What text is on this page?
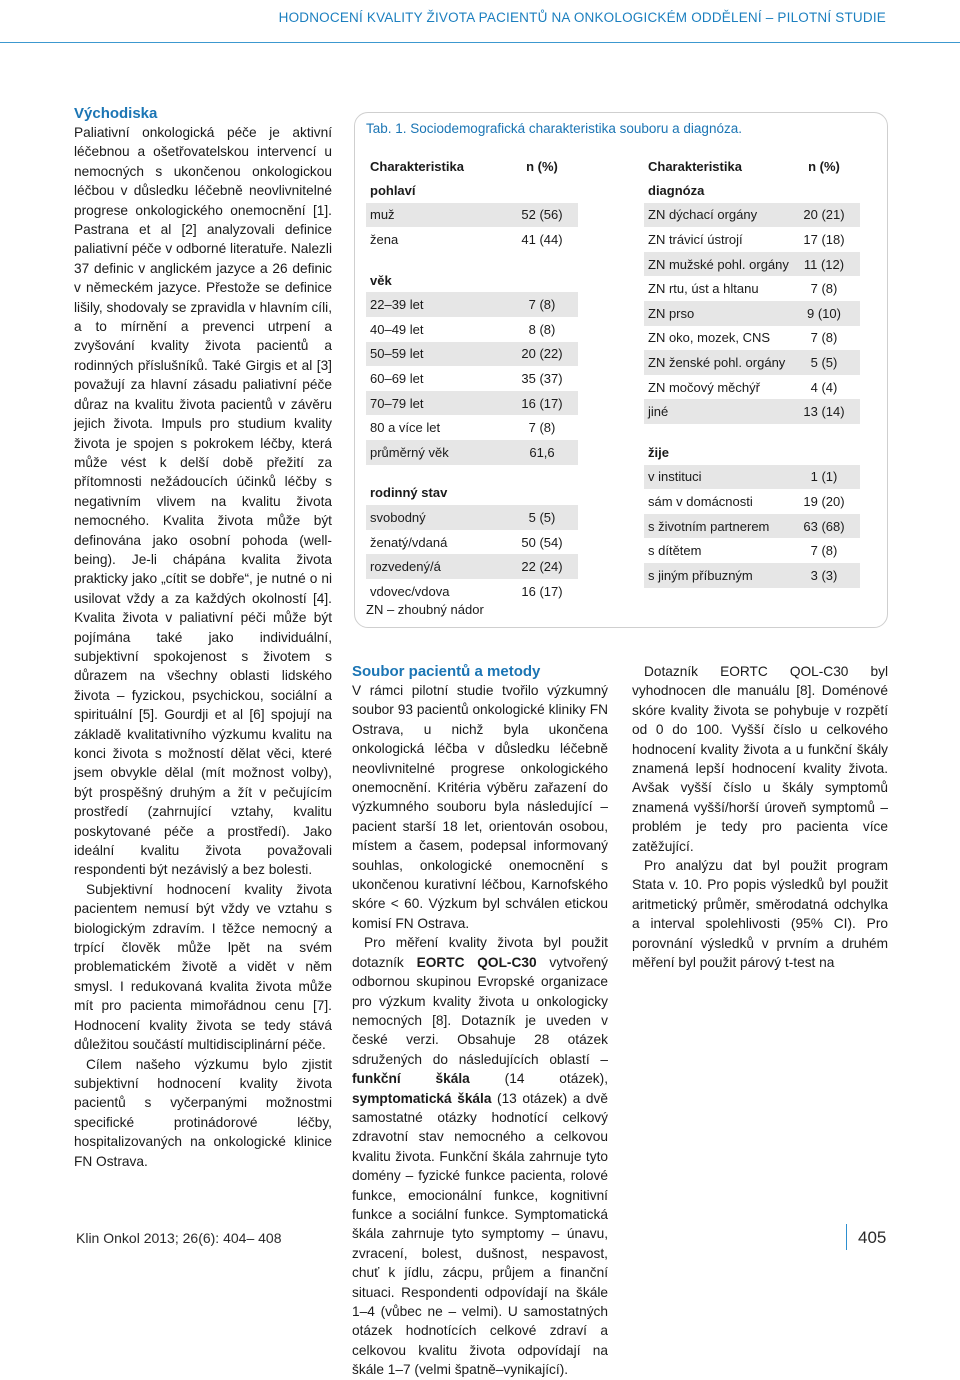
HODNOCENÍ KVALITY ŽIVOTA PACIENTŮ NA ONKOLOGICKÉM ODDĚLENÍ – PILOTNÍ STUDIE
Východiska

Paliativní onkologická péče je aktivní léčebnou a ošetřovatelskou intervencí u nemocných s ukončenou onkologickou léčbou v důsledku léčebně neovlivnitelné progrese onkologického onemocnění [1]. Pastrana et al [2] analyzovali definice paliativní péče v odborné literatuře. Nalezli 37 definic v anglickém jazyce a 26 definic v německém jazyce. Přestože se definice lišily, shodovaly se zpravidla v hlavním cíli, a to mírnění a prevenci utrpení a zvyšování kvality života pacientů a rodinných příslušníků. Také Girgis et al [3] považují za hlavní zásadu paliativní péče důraz na kvalitu života pacientů v závěru jejich života. Impuls pro studium kvality života je spojen s pokrokem léčby, která může vést k delší době přežití za přítomnosti nežádoucích účinků léčby s negativním vlivem na kvalitu života nemocného. Kvalita života může být definována jako osobní pohoda (well-being). Je-li chápána kvalita života prakticky jako „cítit se dobře“, je nutné o ni usilovat vždy a za každých okolností [4]. Kvalita života v paliativní péči může být pojímána také jako individuální, subjektivní spokojenost s životem s důrazem na všechny oblasti lidského života – fyzickou, psychickou, sociální a spirituální [5]. Gourdji et al [6] spojují na základě kvalitativního výzkumu kvalitu na konci života s možností dělat věci, které jsem obvykle dělal (mít možnost volby), být prospěšný druhým a žít v pečujícím prostředí (zahrnující vztahy, kvalitu poskytované péče a prostředí). Jako ideální kvalitu života považovali respondenti být nezávislý a bez bolesti.

Subjektivní hodnocení kvality života pacientem nemusí být vždy ve vztahu s biologickým zdravím. I těžce nemocný a trpící člověk může lpět na svém problematickém životě a vidět v něm smysl. I redukovaná kvalita života může mít pro pacienta mimořádnou cenu [7]. Hodnocení kvality života se tedy stává důležitou součástí multidisciplinární péče.

Cílem našeho výzkumu bylo zjistit subjektivní hodnocení kvality života pacientů s vyčerpanými možnostmi specifické protinádorové léčby, hospitalizovaných na onkologické klinice FN Ostrava.

Tab. 1. Sociodemografická charakteristika souboru a diagnóza.
Charakteristika	n (%)
pohlaví
muž	52 (56)
žena	41 (44)
věk
22–39 let	7 (8)
40–49 let	8 (8)
50–59 let	20 (22)
60–69 let	35 (37)
70–79 let	16 (17)
80 a více let	7 (8)
průměrný věk	61,6
rodinný stav
svobodný	5 (5)
ženatý/vdaná	50 (54)
rozvedený/á	22 (24)
vdovec/vdova	16 (17)
Charakteristika	n (%)
diagnóza
ZN dýchací orgány	20 (21)
ZN trávicí ústrojí	17 (18)
ZN mužské pohl. orgány	11 (12)
ZN rtu, úst a hltanu	7 (8)
ZN prso	9 (10)
ZN oko, mozek, CNS	7 (8)
ZN ženské pohl. orgány	5 (5)
ZN močový měchýř	4 (4)
jiné	13 (14)
žije
v instituci	1 (1)
sám v domácnosti	19 (20)
s životním partnerem	63 (68)
s dítětem	7 (8)
s jiným příbuzným	3 (3)
ZN – zhoubný nádor
Soubor pacientů a metody

V rámci pilotní studie tvořilo výzkumný soubor 93 pacientů onkologické kliniky FN Ostrava, u nichž byla ukončena onkologická léčba v důsledku léčebně neovlivnitelné progrese onkologického onemocnění. Kritéria výběru zařazení do výzkumného souboru byla následující – pacient starší 18 let, orientován osobou, místem a časem, podepsal informovaný souhlas, onkologické onemocnění s ukončenou kurativní léčbou, Karnofského skóre < 60. Výzkum byl schválen etickou komisí FN Ostrava.

Pro měření kvality života byl použit dotazník EORTC QOL-C30 vytvořený odbornou skupinou Evropské organizace pro výzkum kvality života u onkologicky nemocných [8]. Dotazník je uveden v české verzi. Obsahuje 28 otázek sdružených do následujících oblastí – funkční škála (14 otázek), symptomatická škála (13 otázek) a dvě samostatné otázky hodnotící celkový zdravotní stav nemocného a celkovou kvalitu života. Funkční škála zahrnuje tyto domény – fyzické funkce pacienta, rolové funkce, emocionální funkce, kognitivní funkce a sociální funkce. Symptomatická škála zahrnuje tyto symptomy – únavu, zvracení, bolest, dušnost, nespavost, chuť k jídlu, zácpu, průjem a finanční situaci. Respondenti odpovídají na škále 1–4 (vůbec ne – velmi). U samostatných otázek hodnotících celkové zdraví a celkovou kvalitu života odpovídají na škále 1–7 (velmi špatně–vynikající).

Dotazník EORTC QOL-C30 byl vyhodnocen dle manuálu [8]. Doménové skóre kvality života se pohybuje v rozpětí od 0 do 100. Vyšší číslo u celkového hodnocení kvality života a u funkční škály znamená lepší hodnocení kvality života. Avšak vyšší číslo u škály symptomů znamená vyšší/horší úroveň symptomů – problém je tedy pro pacienta více zatěžující.

Pro analýzu dat byl použit program Stata v. 10. Pro popis výsledků byl použit aritmetický průměr, směrodatná odchylka a interval spolehlivosti (95% CI). Pro porovnání výsledků v prvním a druhém měření byl použit párový t-test na

Klin Onkol 2013; 26(6): 404– 408	405
